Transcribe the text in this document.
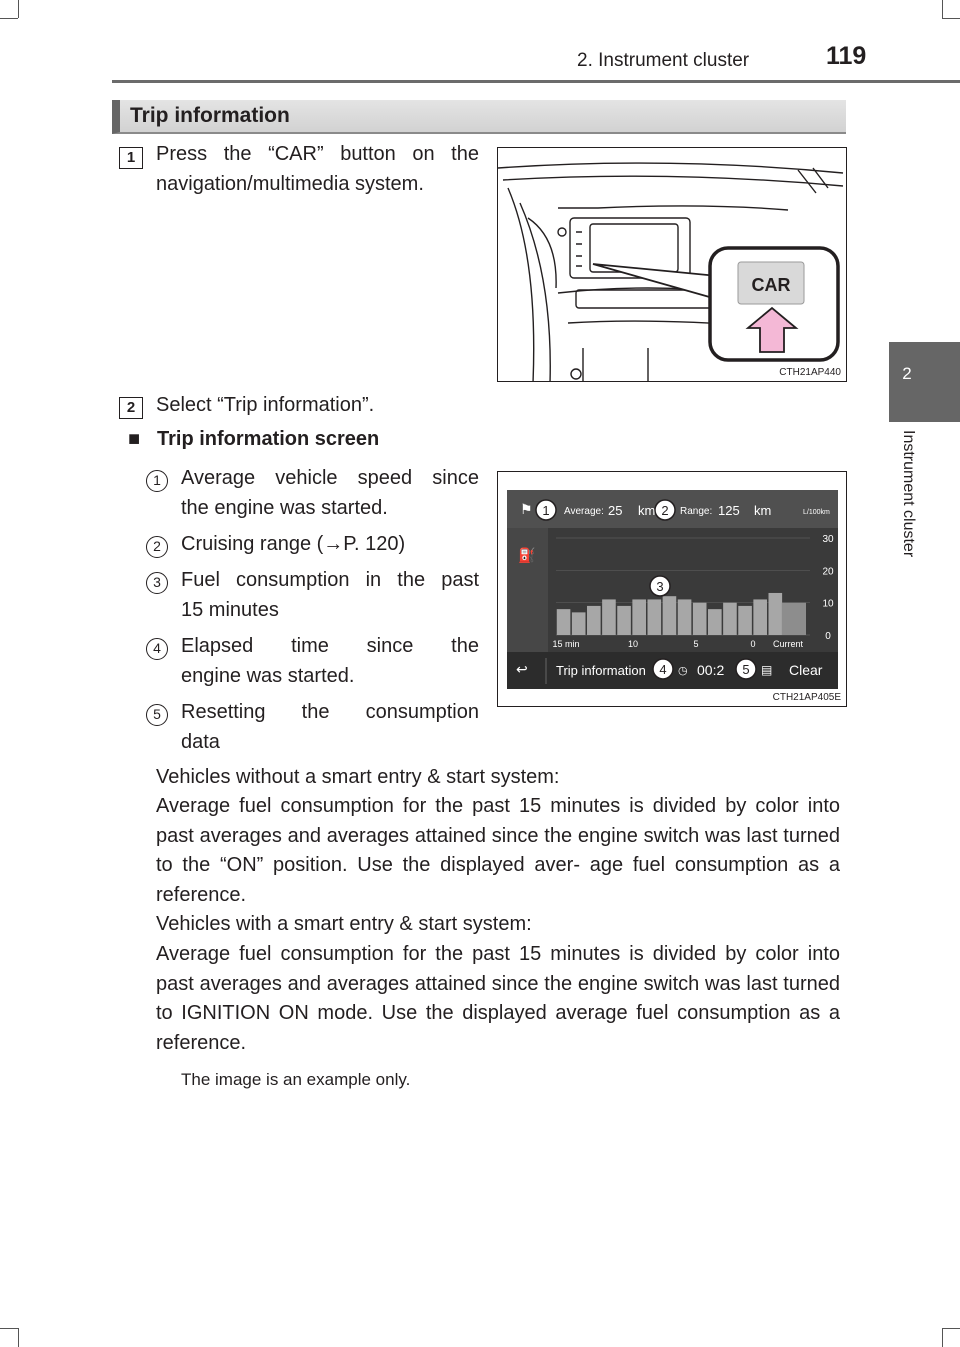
2. Instrument cluster	119
2
Instrument cluster
Trip information
1	Press the “CAR” button on the
navigation/multimedia system.
CAR
CTH21AP440
2	Select “Trip information”.
■ Trip information screen
1	Average vehicle speed since
the engine was started.
2	Cruising range (→P. 120)
3	Fuel consumption in the past
15 minutes
4	Elapsed time since the
engine was started.
5	Resetting the consumption
data
⚑	Average: 25 km Range: 125 km	L/100km
⛽
30
20
10
0
15 min	10	5	0 Current
↩ Trip information	◷ 00:2	▤ Clear
1	2
3
4	5
CTH21AP405E
Vehicles without a smart entry & start system:
Average fuel consumption for the past 15 minutes is divided by color into past averages and averages attained since the engine switch was last turned to the “ON” position. Use the displayed aver- age fuel consumption as a reference.
Vehicles with a smart entry & start system:
Average fuel consumption for the past 15 minutes is divided by color into past averages and averages attained since the engine switch was last turned to IGNITION ON mode. Use the displayed average fuel consumption as a reference.
The image is an example only.
